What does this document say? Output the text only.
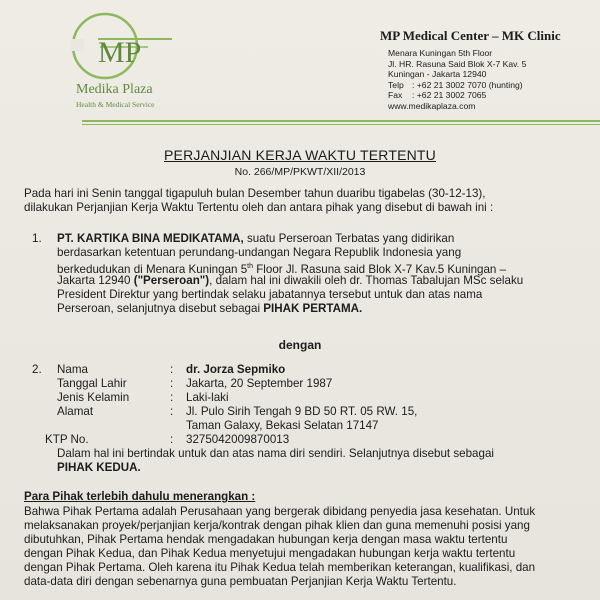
MP
Medika Plaza
Health & Medical Service
MP Medical Center – MK Clinic
Menara Kuningan 5th Floor
Jl. HR. Rasuna Said Blok X-7 Kav. 5
Kuningan - Jakarta 12940
Telp : +62 21 3002 7070 (hunting)
Fax : +62 21 3002 7065
www.medikaplaza.com
PERJANJIAN KERJA WAKTU TERTENTU
No. 266/MP/PKWT/XII/2013
Pada hari ini Senin tanggal tigapuluh bulan Desember tahun duaribu tigabelas (30-12-13),
dilakukan Perjanjian Kerja Waktu Tertentu oleh dan antara pihak yang disebut di bawah ini :
1. PT. KARTIKA BINA MEDIKATAMA, suatu Perseroan Terbatas yang didirikan
berdasarkan ketentuan perundang-undangan Negara Republik Indonesia yang
berkedudukan di Menara Kuningan 5th Floor Jl. Rasuna said Blok X-7 Kav.5 Kuningan –
Jakarta 12940 ("Perseroan"), dalam hal ini diwakili oleh dr. Thomas Tabalujan MSc selaku
President Direktur yang bertindak selaku jabatannya tersebut untuk dan atas nama
Perseroan, selanjutnya disebut sebagai PIHAK PERTAMA.
dengan
2. Nama	: dr. Jorza Sepmiko
Tanggal Lahir	: Jakarta, 20 September 1987
Jenis Kelamin	: Laki-laki
Alamat	: Jl. Pulo Sirih Tengah 9 BD 50 RT. 05 RW. 15,
Taman Galaxy, Bekasi Selatan 17147
KTP No.	: 3275042009870013
Dalam hal ini bertindak untuk dan atas nama diri sendiri. Selanjutnya disebut sebagai
PIHAK KEDUA.
Para Pihak terlebih dahulu menerangkan :
Bahwa Pihak Pertama adalah Perusahaan yang bergerak dibidang penyedia jasa kesehatan. Untuk
melaksanakan proyek/perjanjian kerja/kontrak dengan pihak klien dan guna memenuhi posisi yang
dibutuhkan, Pihak Pertama hendak mengadakan hubungan kerja dengan masa waktu tertentu
dengan Pihak Kedua, dan Pihak Kedua menyetujui mengadakan hubungan kerja waktu tertentu
dengan Pihak Pertama. Oleh karena itu Pihak Kedua telah memberikan keterangan, kualifikasi, dan
data-data diri dengan sebenarnya guna pembuatan Perjanjian Kerja Waktu Tertentu.
